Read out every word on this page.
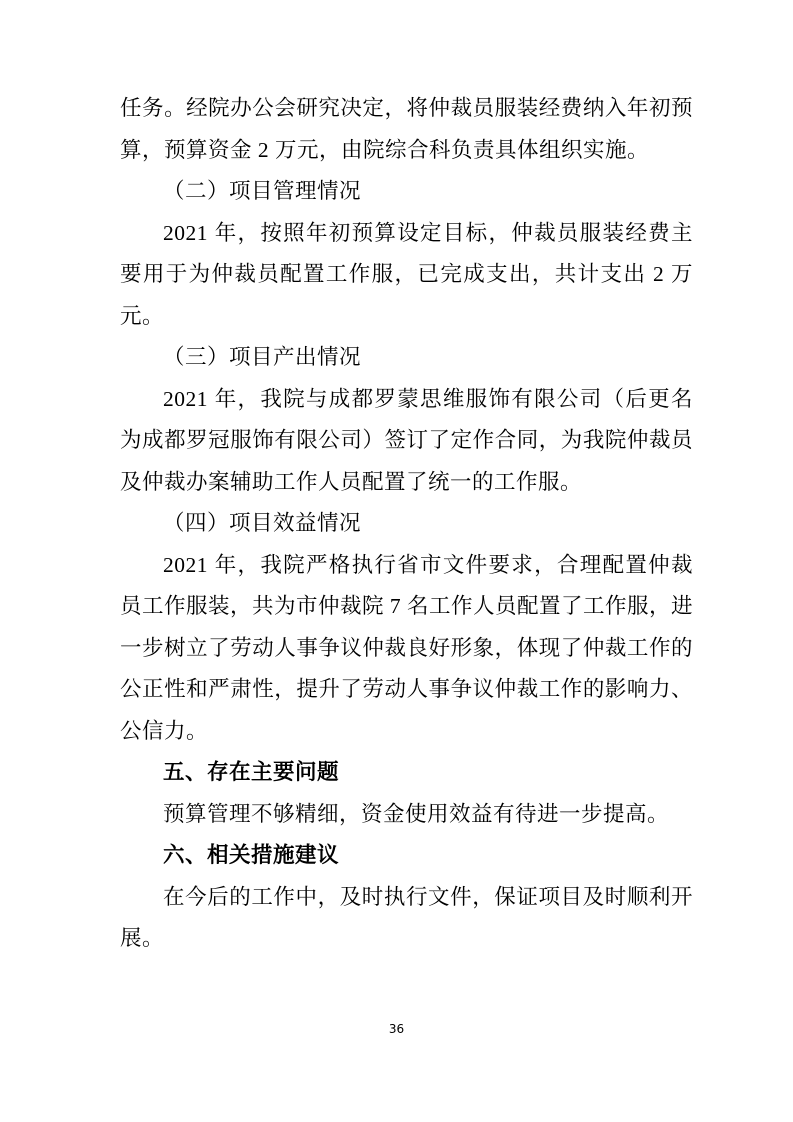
任务。经院办公会研究决定，将仲裁员服装经费纳入年初预算，预算资金 2 万元，由院综合科负责具体组织实施。

（二）项目管理情况

2021 年，按照年初预算设定目标，仲裁员服装经费主要用于为仲裁员配置工作服，已完成支出，共计支出 2 万元。

（三）项目产出情况

2021 年，我院与成都罗蒙思维服饰有限公司（后更名为成都罗冠服饰有限公司）签订了定作合同，为我院仲裁员及仲裁办案辅助工作人员配置了统一的工作服。

（四）项目效益情况

2021 年，我院严格执行省市文件要求，合理配置仲裁员工作服装，共为市仲裁院 7 名工作人员配置了工作服，进一步树立了劳动人事争议仲裁良好形象，体现了仲裁工作的公正性和严肃性，提升了劳动人事争议仲裁工作的影响力、公信力。

五、存在主要问题

预算管理不够精细，资金使用效益有待进一步提高。

六、相关措施建议

在今后的工作中，及时执行文件，保证项目及时顺利开展。

36
